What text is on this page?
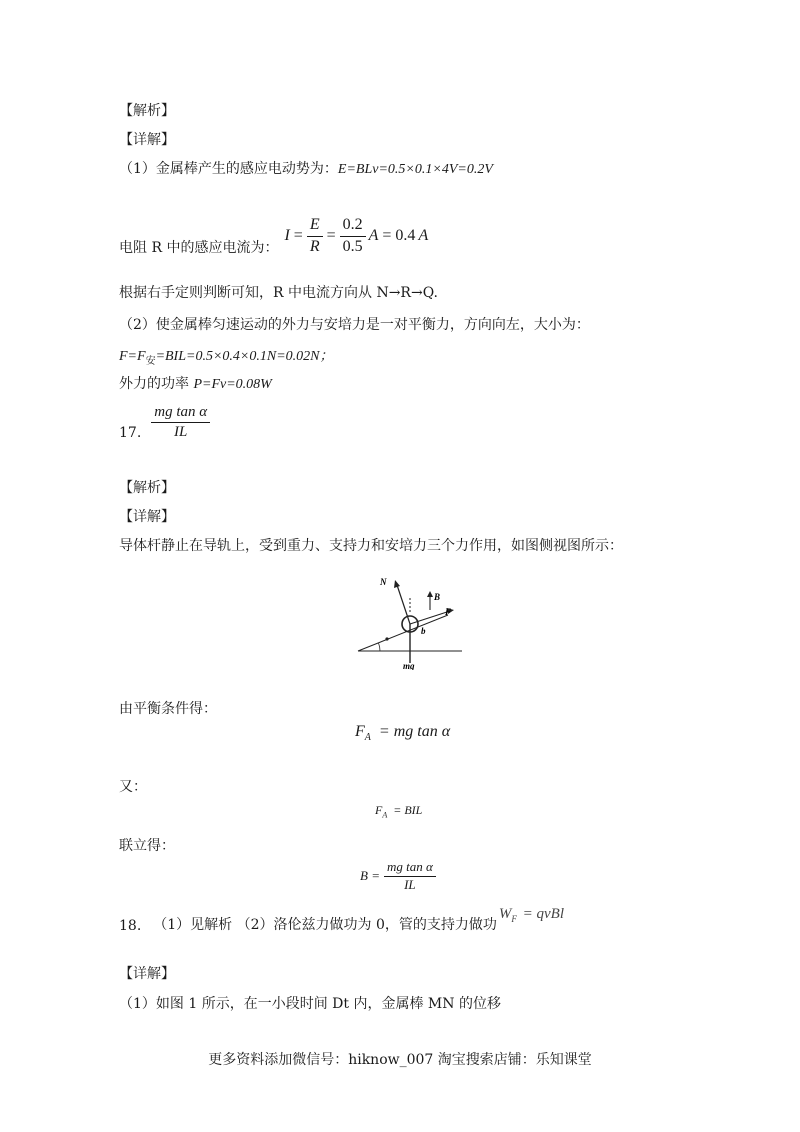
【解析】
【详解】
（1）金属棒产生的感应电动势为：E=BLv=0.5×0.1×4V=0.2V
电阻 R 中的感应电流为：
$I = \frac{E}{R} = \frac{0.2}{0.5}$ A = 0.4 A
根据右手定则判断可知，R 中电流方向从 N→R→Q.
（2）使金属棒匀速运动的外力与安培力是一对平衡力，方向向左，大小为：
$F=F_安=BIL=0.5\times 0.4\times 0.1N=0.02N$；
外力的功率 P=Fv=0.08W
17. $\frac{\text{mg tan α}}{IL}$
【解析】
【详解】
导体杆静止在导轨上，受到重力、支持力和安培力三个力作用，如图侧视图所示：
N
B
F
b
mg
由平衡条件得：
$F_A$ = mg tan α
又：
$F_A$ = BIL
联立得：
$B = \frac{\text{mg tan α}}{IL}$
18. （1）见解析 （2）洛伦兹力做功为 0，管的支持力做功
$W_F$ = qvBl
【详解】
（1）如图 1 所示，在一小段时间 Dt 内，金属棒 MN 的位移
更多资料添加微信号：hiknow_007 淘宝搜索店铺：乐知课堂
